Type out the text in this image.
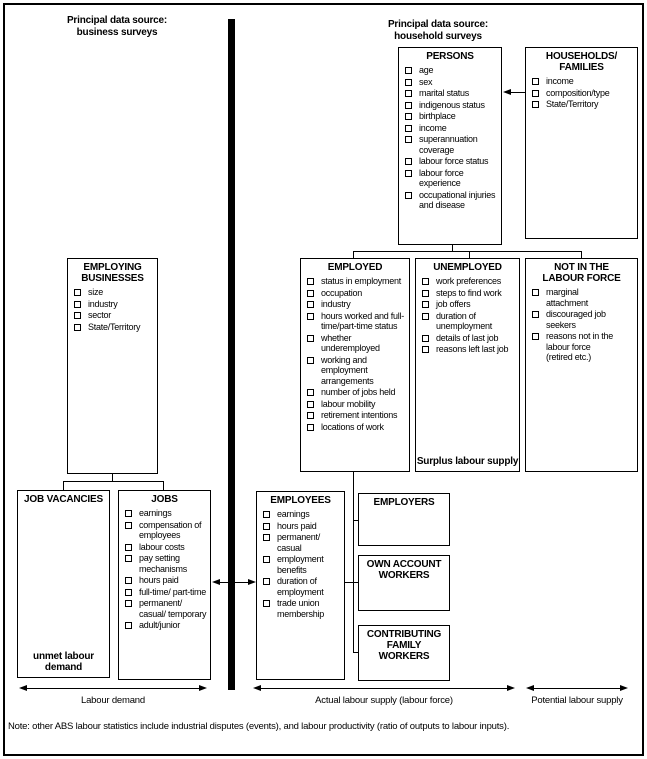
Principal data source: business surveys
Principal data source: household surveys
PERSONS
age
sex
marital status
indigenous status
birthplace
income
superannuation coverage
labour force status
labour force experience
occupational injuries and disease
HOUSEHOLDS/ FAMILIES
income
composition/type
State/Territory
EMPLOYING BUSINESSES
size
industry
sector
State/Territory
EMPLOYED
status in employment
occupation
industry
hours worked and full-time/part-time status
whether underemployed
working and employment arrangements
number of jobs held
labour mobility
retirement intentions
locations of work
UNEMPLOYED
work preferences
steps to find work
job offers
duration of unemployment
details of last job
reasons left last job
Surplus labour supply
NOT IN THE LABOUR FORCE
marginal attachment
discouraged job seekers
reasons not in the labour force (retired etc.)
JOB VACANCIES
unmet labour demand
JOBS
earnings
compensation of employees
labour costs
pay setting mechanisms
hours paid
full-time/ part-time
permanent/ casual/ temporary
adult/junior
EMPLOYEES
earnings
hours paid
permanent/ casual
employment benefits
duration of employment
trade union membership
EMPLOYERS
OWN ACCOUNT WORKERS
CONTRIBUTING FAMILY WORKERS
Labour demand	Actual labour supply (labour force)	Potential labour supply
Note: other ABS labour statistics include industrial disputes (events), and labour productivity (ratio of outputs to labour inputs).
